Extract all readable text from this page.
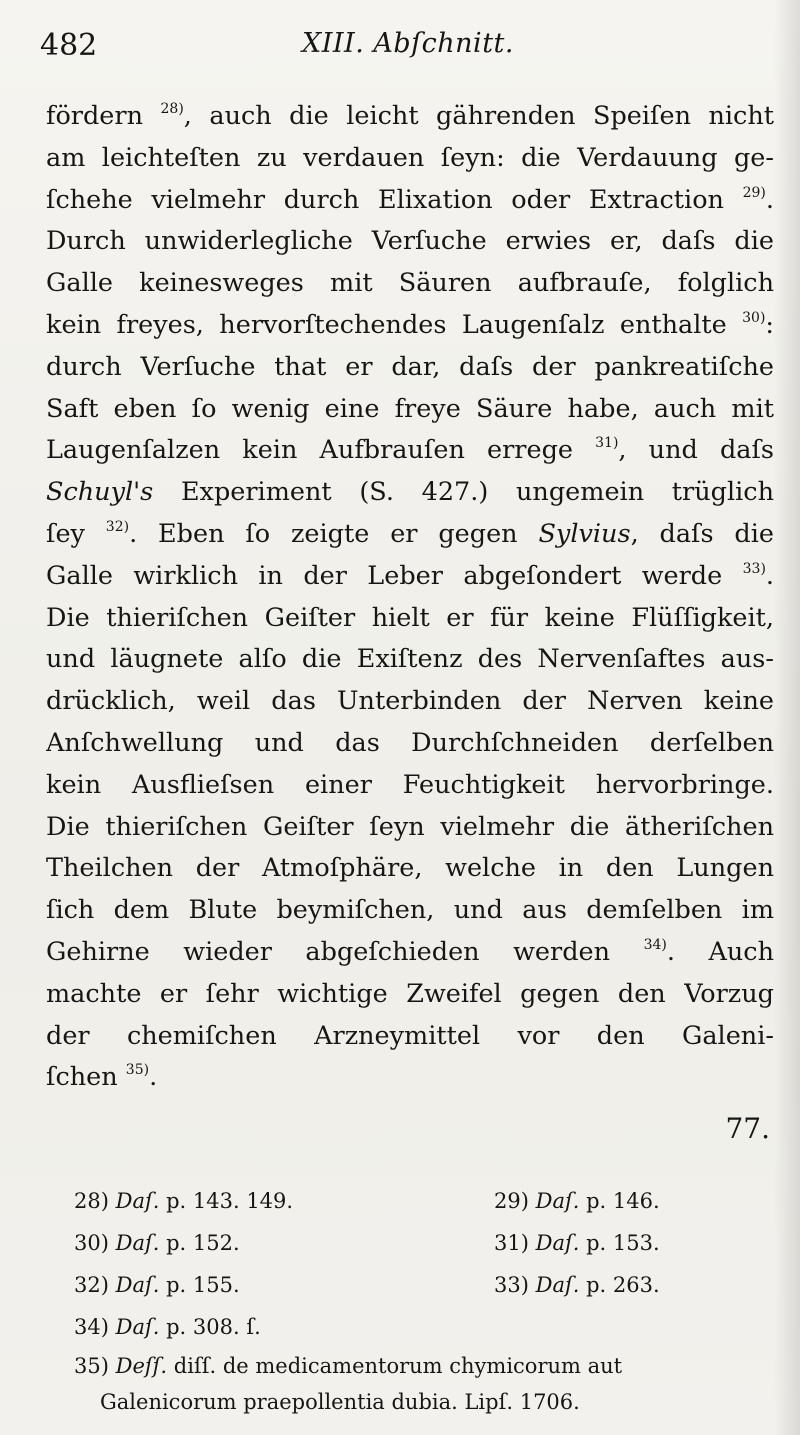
482	XIII. Abſchnitt.
fördern $^{28)}$, auch die leicht gährenden Speiſen nicht
am leichteſten zu verdauen ſeyn: die Verdauung ge-
ſchehe vielmehr durch Elixation oder Extraction $^{29)}$.
Durch unwiderlegliche Verſuche erwies er, daſs die
Galle keinesweges mit Säuren aufbrauſe, folglich
kein freyes, hervorſtechendes Laugenſalz enthalte $^{30)}$:
durch Verſuche that er dar, daſs der pankreatiſche
Saft eben ſo wenig eine freye Säure habe, auch mit
Laugenſalzen kein Aufbrauſen errege $^{31)}$, und daſs
Schuyl's Experiment (S. 427.) ungemein trüglich
ſey $^{32)}$. Eben ſo zeigte er gegen Sylvius, daſs die
Galle wirklich in der Leber abgeſondert werde $^{33)}$.
Die thieriſchen Geiſter hielt er für keine Flüſſigkeit,
und läugnete alſo die Exiſtenz des Nervenſaftes aus-
drücklich, weil das Unterbinden der Nerven keine
Anſchwellung und das Durchſchneiden derſelben
kein Ausflieſsen einer Feuchtigkeit hervorbringe.
Die thieriſchen Geiſter ſeyn vielmehr die ätheriſchen
Theilchen der Atmoſphäre, welche in den Lungen
ſich dem Blute beymiſchen, und aus demſelben im
Gehirne wieder abgeſchieden werden $^{34)}$. Auch
machte er ſehr wichtige Zweifel gegen den Vorzug
der chemiſchen Arzneymittel vor den Galeni-
ſchen $^{35)}$.
77.
28) Daſ. p. 143. 149.	29) Daſ. p. 146.
30) Daſ. p. 152.	31) Daſ. p. 153.
32) Daſ. p. 155.	33) Daſ. p. 263.
34) Daſ. p. 308. ſ.
35) Deſſ. diſſ. de medicamentorum chymicorum aut
Galenicorum praepollentia dubia. Lipſ. 1706.
